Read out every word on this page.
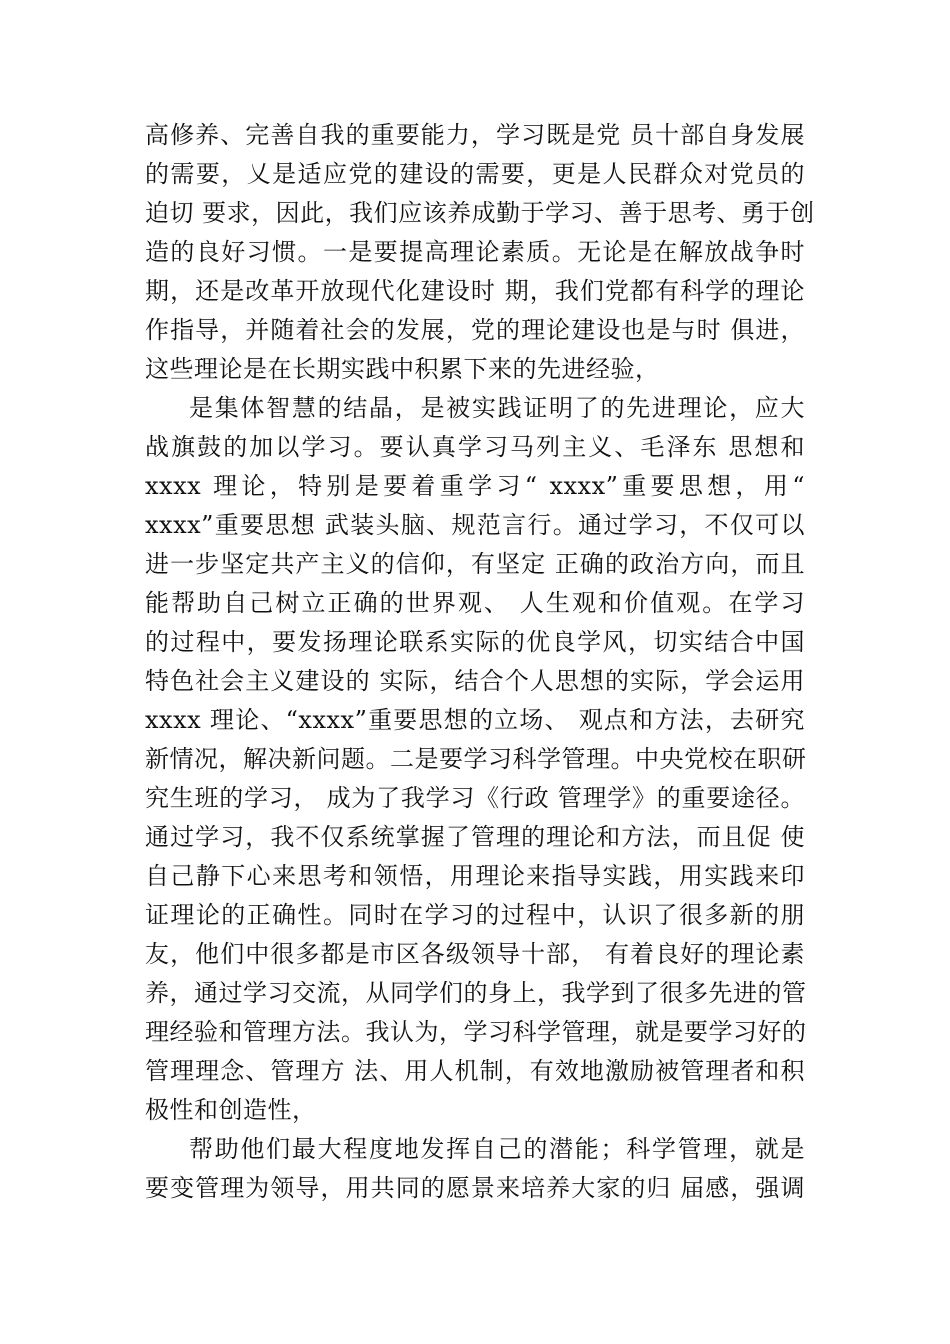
高修养、完善自我的重要能力，学习既是党 员十部自身发展
的需要，乂是适应党的建设的需要，更是人民群众对党员的
迫切 要求，因此，我们应该养成勤于学习、善于思考、勇于创
造的良好习惯。一是要提高理论素质。无论是在解放战争时
期，还是改革开放现代化建设时 期，我们党都有科学的理论
作指导，并随着社会的发展，党的理论建设也是与时 俱进，
这些理论是在长期实践中积累下来的先进经验，
是集体智慧的结晶，是被实践证明了的先进理论，应大
战旗鼓的加以学习。要认真学习马列主义、毛泽东 思想和
xxxx 理论，特别是要着重学习“ xxxx”重要思想，用“
xxxx”重要思想 武装头脑、规范言行。通过学习，不仅可以
进一步坚定共产主义的信仰，有坚定 正确的政治方向，而且
能帮助自己树立正确的世界观、 人生观和价值观。在学习
的过程中，要发扬理论联系实际的优良学风，切实结合中国
特色社会主义建设的 实际，结合个人思想的实际，学会运用
xxxx 理论、“xxxx”重要思想的立场、 观点和方法，去研究
新情况，解决新问题。二是要学习科学管理。中央党校在职研
究生班的学习， 成为了我学习《行政 管理学》的重要途径。
通过学习，我不仅系统掌握了管理的理论和方法，而且促 使
自己静下心来思考和领悟，用理论来指导实践，用实践来印
证理论的正确性。同时在学习的过程中，认识了很多新的朋
友，他们中很多都是市区各级领导十部， 有着良好的理论素
养，通过学习交流，从同学们的身上，我学到了很多先进的管
理经验和管理方法。我认为，学习科学管理，就是要学习好的
管理理念、管理方 法、用人机制，有效地激励被管理者和积
极性和创造性，
帮助他们最大程度地发挥自己的潜能；科学管理，就是
要变管理为领导，用共同的愿景来培养大家的归 届感，强调
